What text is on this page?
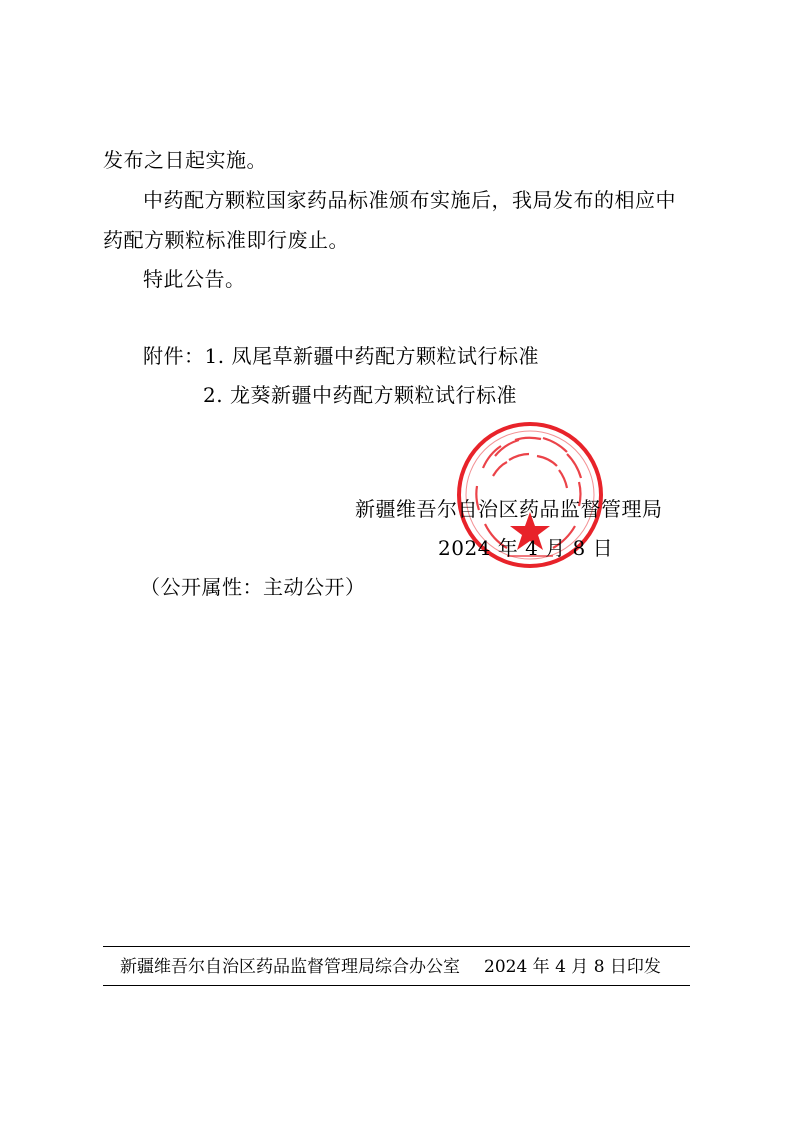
发布之日起实施。
中药配方颗粒国家药品标准颁布实施后，我局发布的相应中
药配方颗粒标准即行废止。
特此公告。
附件：1. 凤尾草新疆中药配方颗粒试行标准
2. 龙葵新疆中药配方颗粒试行标准
新疆维吾尔自治区药品监督管理局
2024 年 4 月 8 日
（公开属性：主动公开）
新疆维吾尔自治区药品监督管理局综合办公室 2024 年 4 月 8 日印发
